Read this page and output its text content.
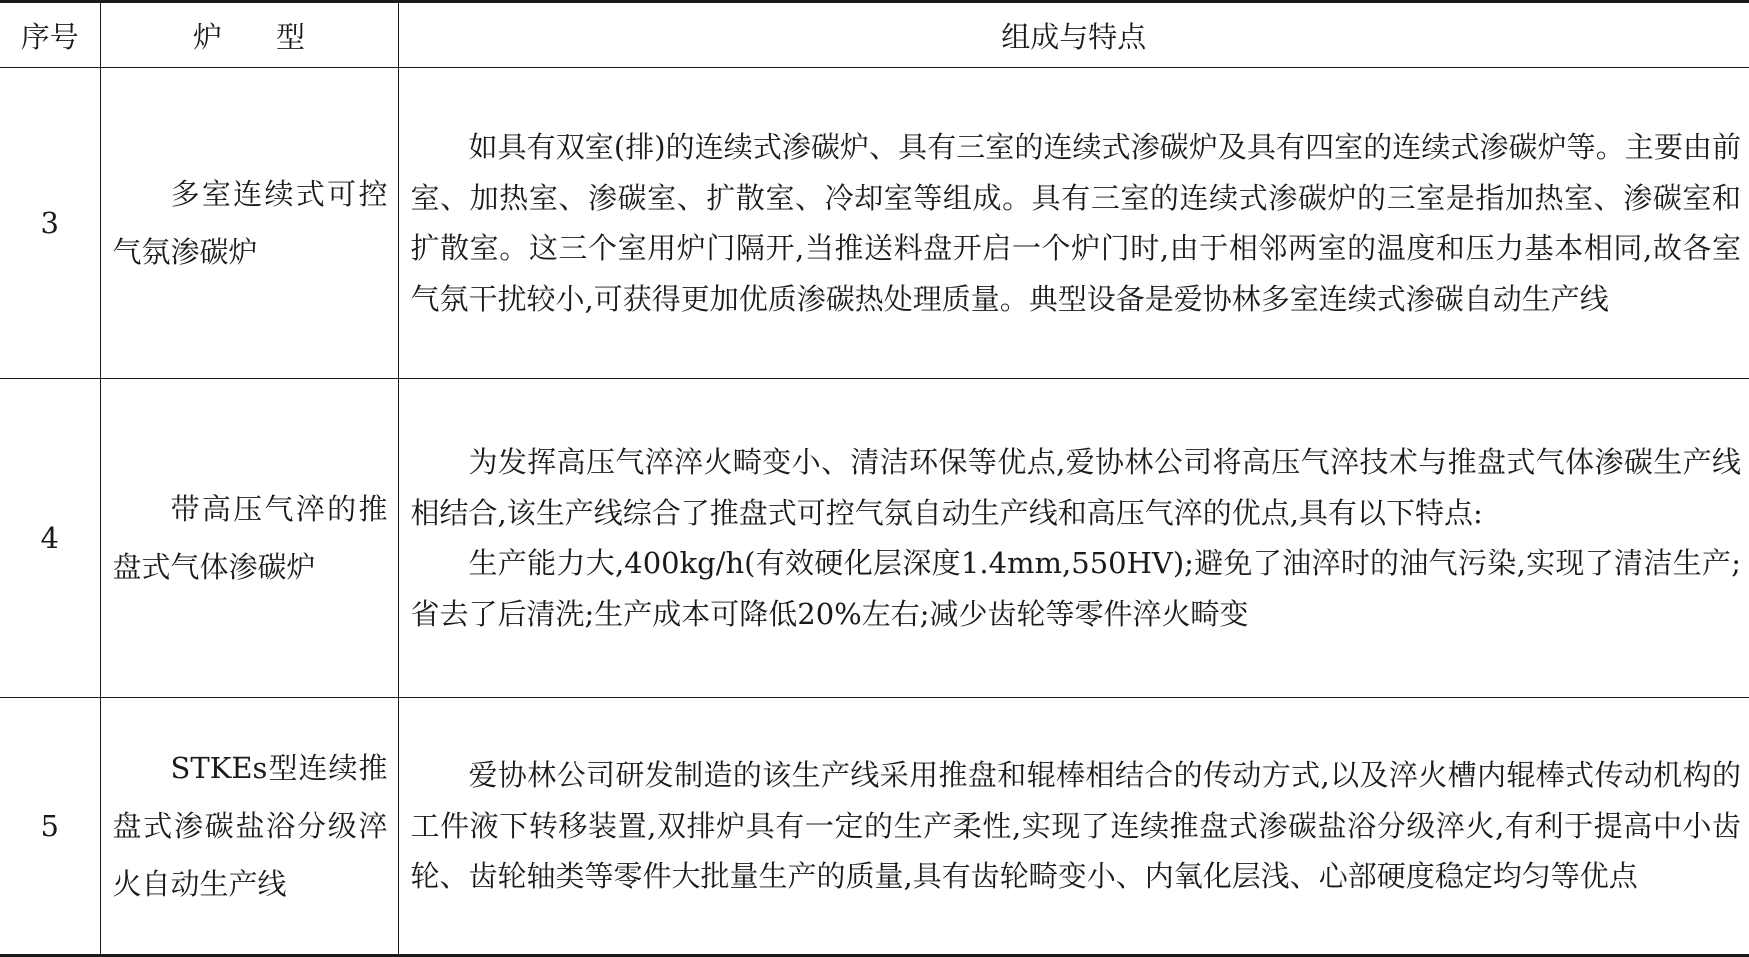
序号	炉型	组成与特点
3	多室连续式可控气氛渗碳炉	如具有双室(排)的连续式渗碳炉、具有三室的连续式渗碳炉及具有四室的连续式渗碳炉等。主要由前室、加热室、渗碳室、扩散室、冷却室等组成。具有三室的连续式渗碳炉的三室是指加热室、渗碳室和扩散室。这三个室用炉门隔开,当推送料盘开启一个炉门时,由于相邻两室的温度和压力基本相同,故各室气氛干扰较小,可获得更加优质渗碳热处理质量。典型设备是爱协林多室连续式渗碳自动生产线

4	带高压气淬的推盘式气体渗碳炉	为发挥高压气淬淬火畸变小、清洁环保等优点,爱协林公司将高压气淬技术与推盘式气体渗碳生产线相结合,该生产线综合了推盘式可控气氛自动生产线和高压气淬的优点,具有以下特点:

生产能力大,400kg/h(有效硬化层深度1.4mm,550HV);避免了油淬时的油气污染,实现了清洁生产;省去了后清洗;生产成本可降低20%左右;减少齿轮等零件淬火畸变

5	STKEs型连续推盘式渗碳盐浴分级淬火自动生产线	爱协林公司研发制造的该生产线采用推盘和辊棒相结合的传动方式,以及淬火槽内辊棒式传动机构的工件液下转移装置,双排炉具有一定的生产柔性,实现了连续推盘式渗碳盐浴分级淬火,有利于提高中小齿轮、齿轮轴类等零件大批量生产的质量,具有齿轮畸变小、内氧化层浅、心部硬度稳定均匀等优点
